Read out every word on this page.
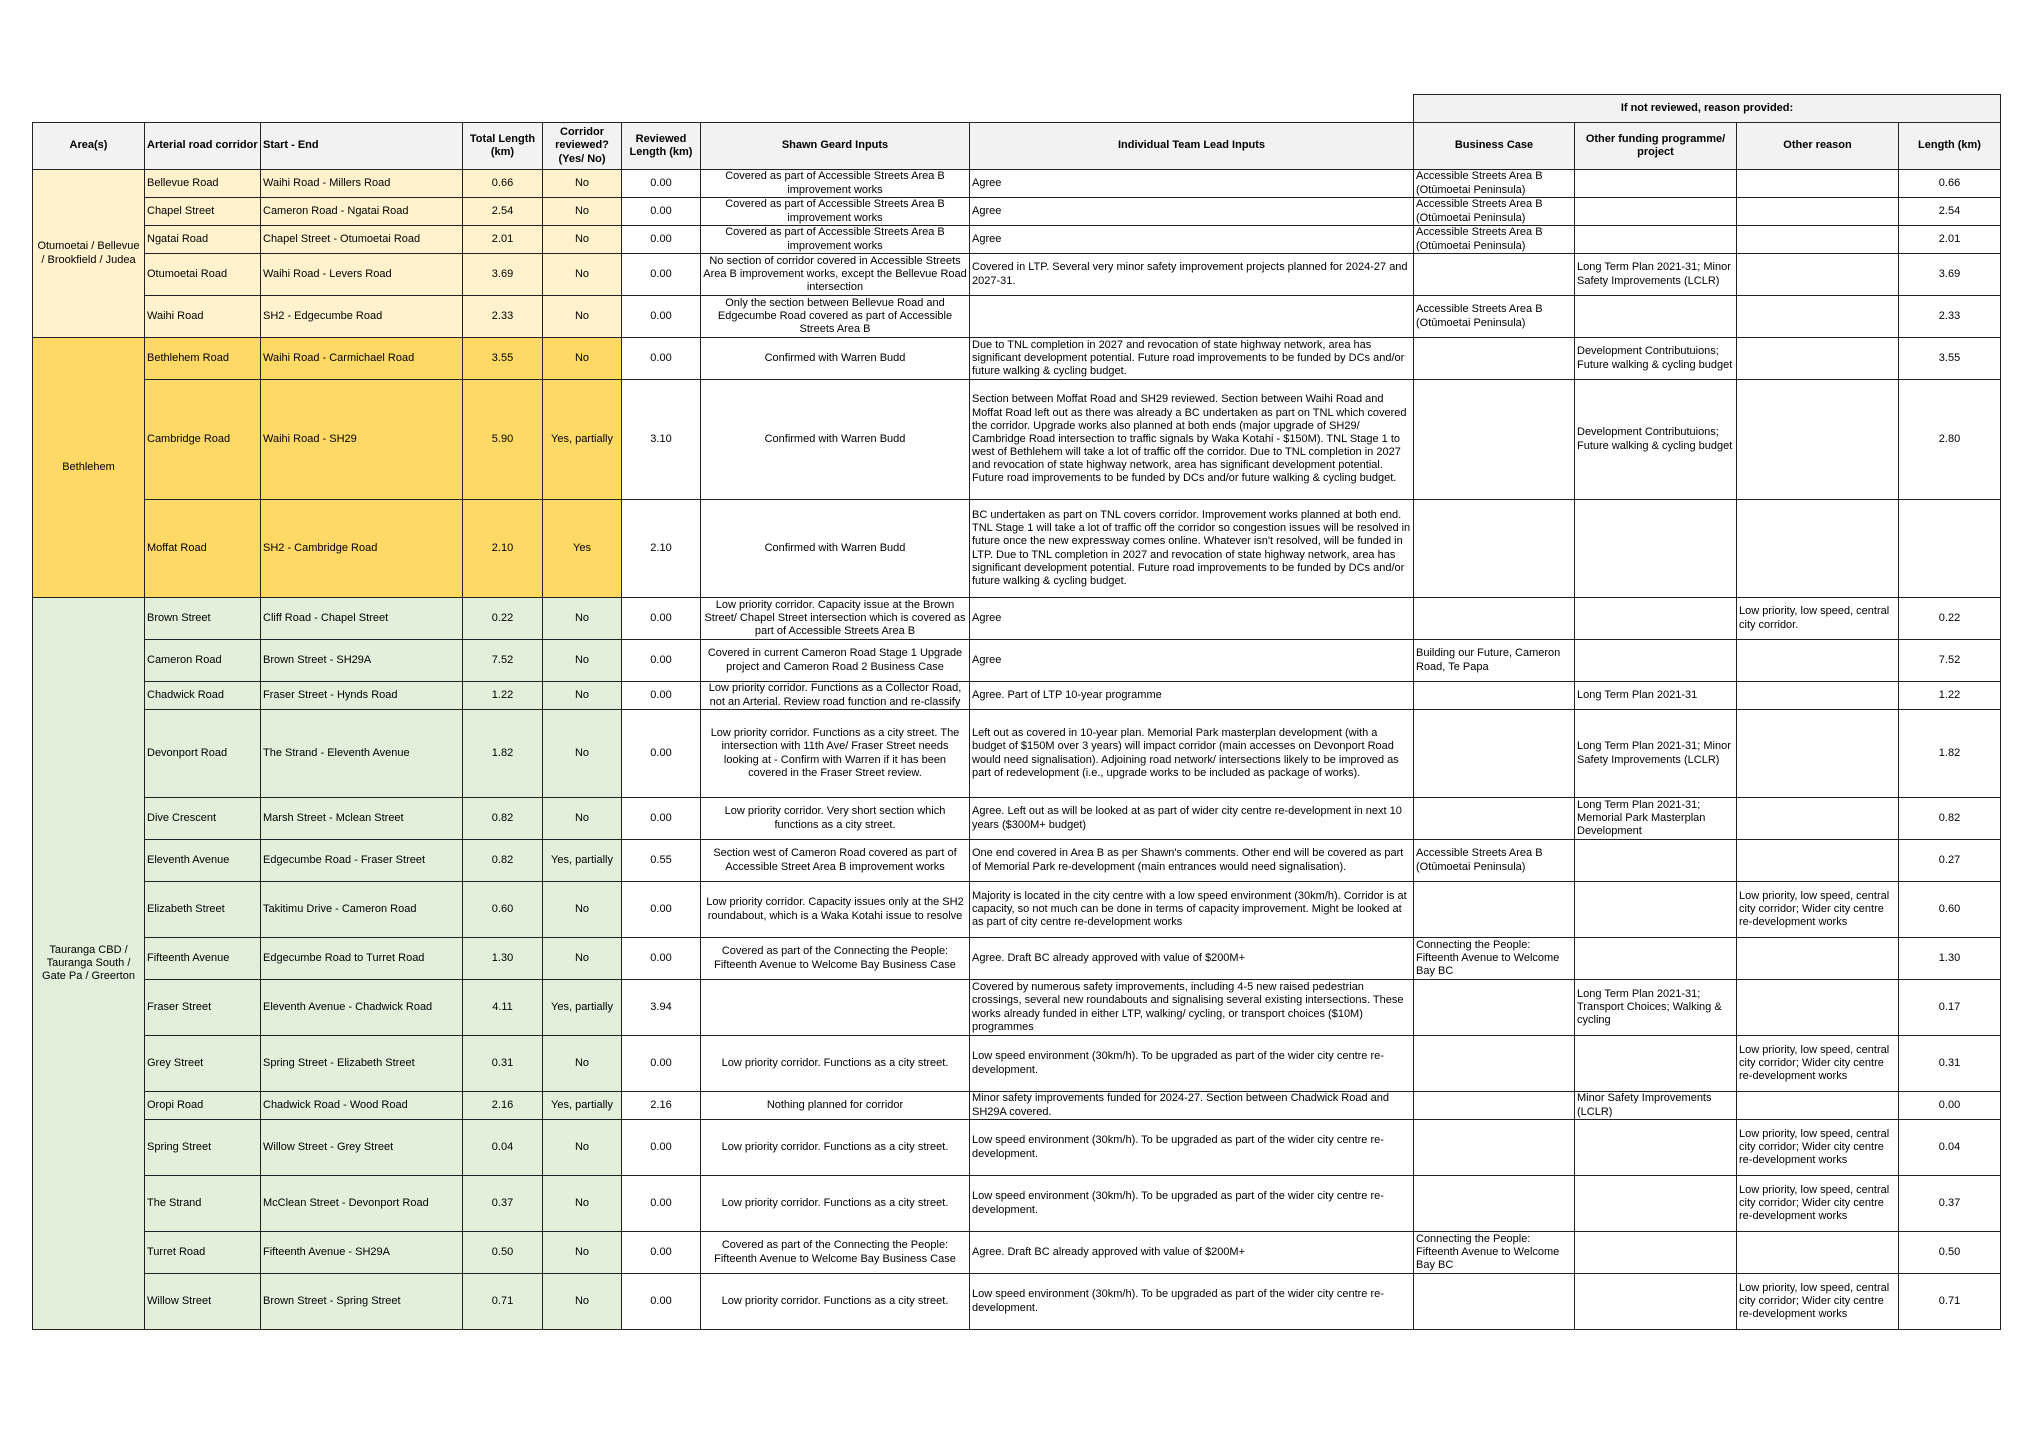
								If not reviewed, reason provided:			
Area(s)	Arterial road corridor	Start - End	Total Length (km)	Corridor reviewed? (Yes/ No)	Reviewed Length (km)	Shawn Geard Inputs	Individual Team Lead Inputs	Business Case	Other funding programme/ project	Other reason	Length (km)
Otumoetai / Bellevue / Brookfield / Judea	Bellevue Road	Waihi Road - Millers Road	0.66	No	0.00	Covered as part of Accessible Streets Area B improvement works	Agree	Accessible Streets Area B (Otūmoetai Peninsula)			0.66
	Chapel Street	Cameron Road - Ngatai Road	2.54	No	0.00	Covered as part of Accessible Streets Area B improvement works	Agree	Accessible Streets Area B (Otūmoetai Peninsula)			2.54
	Ngatai Road	Chapel Street - Otumoetai Road	2.01	No	0.00	Covered as part of Accessible Streets Area B improvement works	Agree	Accessible Streets Area B (Otūmoetai Peninsula)			2.01
	Otumoetai Road	Waihi Road - Levers Road	3.69	No	0.00	No section of corridor covered in Accessible Streets Area B improvement works, except the Bellevue Road intersection	Covered in LTP. Several very minor safety improvement projects planned for 2024-27 and 2027-31.		Long Term Plan 2021-31; Minor Safety Improvements (LCLR)		3.69
	Waihi Road	SH2 - Edgecumbe Road	2.33	No	0.00	Only the section between Bellevue Road and Edgecumbe Road covered as part of Accessible Streets Area B		Accessible Streets Area B (Otūmoetai Peninsula)			2.33
Bethlehem	Bethlehem Road	Waihi Road - Carmichael Road	3.55	No	0.00	Confirmed with Warren Budd	Due to TNL completion in 2027 and revocation of state highway network, area has significant development potential. Future road improvements to be funded by DCs and/or future walking & cycling budget.		Development Contributuions; Future walking & cycling budget		3.55
	Cambridge Road	Waihi Road - SH29	5.90	Yes, partially	3.10	Confirmed with Warren Budd	Section between Moffat Road and SH29 reviewed. Section between Waihi Road and Moffat Road left out as there was already a BC undertaken as part on TNL which covered the corridor. Upgrade works also planned at both ends (major upgrade of SH29/ Cambridge Road intersection to traffic signals by Waka Kotahi - $150M). TNL Stage 1 to west of Bethlehem will take a lot of traffic off the corridor. Due to TNL completion in 2027 and revocation of state highway network, area has significant development potential. Future road improvements to be funded by DCs and/or future walking & cycling budget.		Development Contributuions; Future walking & cycling budget		2.80
	Moffat Road	SH2 - Cambridge Road	2.10	Yes	2.10	Confirmed with Warren Budd	BC undertaken as part on TNL covers corridor. Improvement works planned at both end. TNL Stage 1 will take a lot of traffic off the corridor so congestion issues will be resolved in future once the new expressway comes online. Whatever isn't resolved, will be funded in LTP. Due to TNL completion in 2027 and revocation of state highway network, area has significant development potential. Future road improvements to be funded by DCs and/or future walking & cycling budget.				
Tauranga CBD / Tauranga South / Gate Pa / Greerton	Brown Street	Cliff Road - Chapel Street	0.22	No	0.00	Low priority corridor. Capacity issue at the Brown Street/ Chapel Street intersection which is covered as part of Accessible Streets Area B	Agree			Low priority, low speed, central city corridor.	0.22
	Cameron Road	Brown Street - SH29A	7.52	No	0.00	Covered in current Cameron Road Stage 1 Upgrade project and Cameron Road 2 Business Case	Agree	Building our Future, Cameron Road, Te Papa			7.52
	Chadwick Road	Fraser Street - Hynds Road	1.22	No	0.00	Low priority corridor. Functions as a Collector Road, not an Arterial. Review road function and re-classify	Agree. Part of LTP 10-year programme		Long Term Plan 2021-31		1.22
	Devonport Road	The Strand - Eleventh Avenue	1.82	No	0.00	Low priority corridor. Functions as a city street. The intersection with 11th Ave/ Fraser Street needs looking at - Confirm with Warren if it has been covered in the Fraser Street review.	Left out as covered in 10-year plan. Memorial Park masterplan development (with a budget of $150M over 3 years) will impact corridor (main accesses on Devonport Road would need signalisation). Adjoining road network/ intersections likely to be improved as part of redevelopment (i.e., upgrade works to be included as package of works).		Long Term Plan 2021-31; Minor Safety Improvements (LCLR)		1.82
	Dive Crescent	Marsh Street - Mclean Street	0.82	No	0.00	Low priority corridor. Very short section which functions as a city street.	Agree. Left out as will be looked at as part of wider city centre re-development in next 10 years ($300M+ budget)		Long Term Plan 2021-31; Memorial Park Masterplan Development		0.82
	Eleventh Avenue	Edgecumbe Road - Fraser Street	0.82	Yes, partially	0.55	Section west of Cameron Road covered as part of Accessible Street Area B improvement works	One end covered in Area B as per Shawn's comments. Other end will be covered as part of Memorial Park re-development (main entrances would need signalisation).	Accessible Streets Area B (Otūmoetai Peninsula)			0.27
	Elizabeth Street	Takitimu Drive - Cameron Road	0.60	No	0.00	Low priority corridor. Capacity issues only at the SH2 roundabout, which is a Waka Kotahi issue to resolve	Majority is located in the city centre with a low speed environment (30km/h). Corridor is at capacity, so not much can be done in terms of capacity improvement. Might be looked at as part of city centre re-development works			Low priority, low speed, central city corridor; Wider city centre re-development works	0.60
	Fifteenth Avenue	Edgecumbe Road to Turret Road	1.30	No	0.00	Covered as part of the Connecting the People: Fifteenth Avenue to Welcome Bay Business Case	Agree. Draft BC already approved with value of $200M+	Connecting the People: Fifteenth Avenue to Welcome Bay BC			1.30
	Fraser Street	Eleventh Avenue - Chadwick Road	4.11	Yes, partially	3.94		Covered by numerous safety improvements, including 4-5 new raised pedestrian crossings, several new roundabouts and signalising several existing intersections. These works already funded in either LTP, walking/ cycling, or transport choices ($10M) programmes		Long Term Plan 2021-31; Transport Choices; Walking & cycling		0.17
	Grey Street	Spring Street - Elizabeth Street	0.31	No	0.00	Low priority corridor. Functions as a city street.	Low speed environment (30km/h). To be upgraded as part of the wider city centre re-development.			Low priority, low speed, central city corridor; Wider city centre re-development works	0.31
	Oropi Road	Chadwick Road - Wood Road	2.16	Yes, partially	2.16	Nothing planned for corridor	Minor safety improvements funded for 2024-27. Section between Chadwick Road and SH29A covered.		Minor Safety Improvements (LCLR)		0.00
	Spring Street	Willow Street - Grey Street	0.04	No	0.00	Low priority corridor. Functions as a city street.	Low speed environment (30km/h). To be upgraded as part of the wider city centre re-development.			Low priority, low speed, central city corridor; Wider city centre re-development works	0.04
	The Strand	McClean Street - Devonport Road	0.37	No	0.00	Low priority corridor. Functions as a city street.	Low speed environment (30km/h). To be upgraded as part of the wider city centre re-development.			Low priority, low speed, central city corridor; Wider city centre re-development works	0.37
	Turret Road	Fifteenth Avenue - SH29A	0.50	No	0.00	Covered as part of the Connecting the People: Fifteenth Avenue to Welcome Bay Business Case	Agree. Draft BC already approved with value of $200M+	Connecting the People: Fifteenth Avenue to Welcome Bay BC			0.50
	Willow Street	Brown Street - Spring Street	0.71	No	0.00	Low priority corridor. Functions as a city street.	Low speed environment (30km/h). To be upgraded as part of the wider city centre re-development.			Low priority, low speed, central city corridor; Wider city centre re-development works	0.71
